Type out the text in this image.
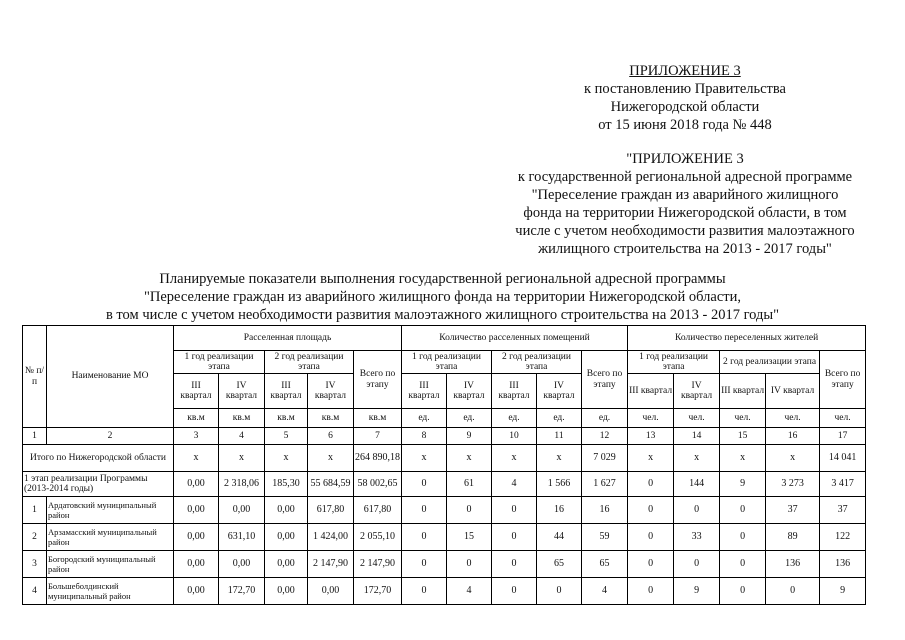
ПРИЛОЖЕНИЕ 3
к постановлению Правительства
Нижегородской области
от 15 июня 2018 года № 448
"ПРИЛОЖЕНИЕ 3
к государственной региональной адресной программе
"Переселение граждан из аварийного жилищного
фонда на территории Нижегородской области, в том
числе с учетом необходимости развития малоэтажного
жилищного строительства на 2013 - 2017 годы"
Планируемые показатели выполнения государственной региональной адресной программы
"Переселение граждан из аварийного жилищного фонда на территории Нижегородской области,
в том числе с учетом необходимости развития малоэтажного жилищного строительства на 2013 - 2017 годы"
№ п/п	Наименование МО	Расселенная площадь					Количество расселенных помещений					Количество переселенных жителей				
		1 год реализации этапа		2 год реализации этапа		Всего по этапу	1 год реализации этапа		2 год реализации этапа		Всего по этапу	1 год реализации этапа		2 год реализации этапа		Всего по этапу
		III квартал	IV квартал	III квартал	IV квартал		III квартал	IV квартал	III квартал	IV квартал		III квартал	IV квартал	III квартал	IV квартал	
		кв.м	кв.м	кв.м	кв.м	кв.м	ед.	ед.	ед.	ед.	ед.	чел.	чел.	чел.	чел.	чел.
1	2	3	4	5	6	7	8	9	10	11	12	13	14	15	16	17
Итого по Нижегородской области		x	x	x	x	264 890,18	x	x	x	x	7 029	x	x	x	x	14 041
1 этап реализации Программы (2013-2014 годы)		0,00	2 318,06	185,30	55 684,59	58 002,65	0	61	4	1 566	1 627	0	144	9	3 273	3 417
1	Ардатовский муниципальный район	0,00	0,00	0,00	617,80	617,80	0	0	0	16	16	0	0	0	37	37
2	Арзамасский муниципальный район	0,00	631,10	0,00	1 424,00	2 055,10	0	15	0	44	59	0	33	0	89	122
3	Богородский муниципальный район	0,00	0,00	0,00	2 147,90	2 147,90	0	0	0	65	65	0	0	0	136	136
4	Большеболдинский муниципальный район	0,00	172,70	0,00	0,00	172,70	0	4	0	0	4	0	9	0	0	9
